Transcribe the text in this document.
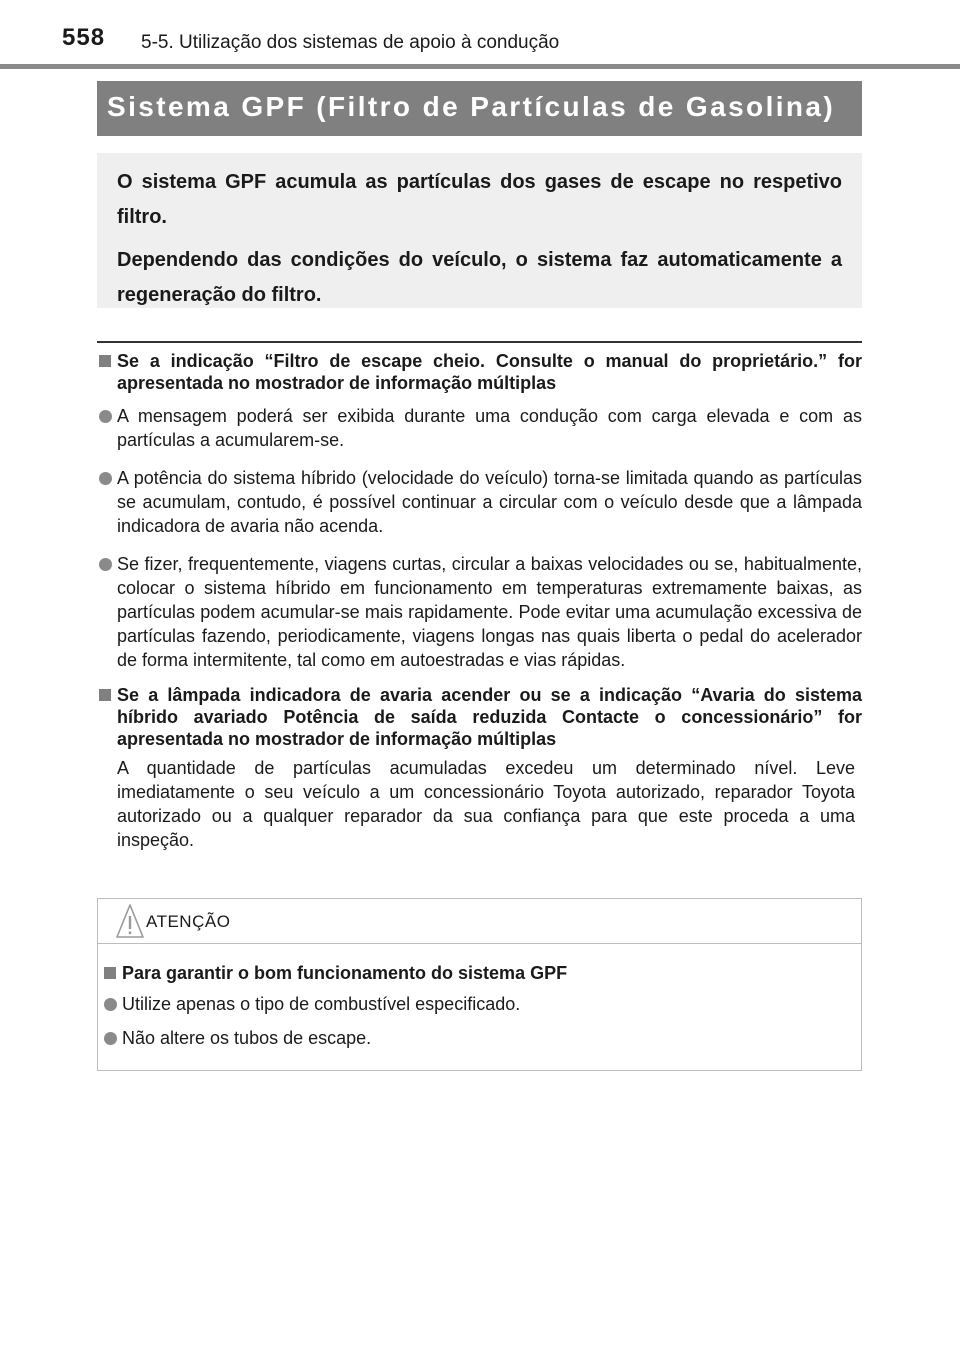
558 5-5. Utilização dos sistemas de apoio à condução
Sistema GPF (Filtro de Partículas de Gasolina)

O sistema GPF acumula as partículas dos gases de escape no respetivo filtro.

Dependendo das condições do veículo, o sistema faz automaticamente a regeneração do filtro.

Se a indicação “Filtro de escape cheio. Consulte o manual do proprietário.” for apresentada no mostrador de informação múltiplas

A mensagem poderá ser exibida durante uma condução com carga elevada e com as partículas a acumularem-se.

A potência do sistema híbrido (velocidade do veículo) torna-se limitada quando as partículas se acumulam, contudo, é possível continuar a circular com o veículo desde que a lâmpada indicadora de avaria não acenda.

Se fizer, frequentemente, viagens curtas, circular a baixas velocidades ou se, habitualmente, colocar o sistema híbrido em funcionamento em temperaturas extremamente baixas, as partículas podem acumular-se mais rapidamente. Pode evitar uma acumulação excessiva de partículas fazendo, periodicamente, viagens longas nas quais liberta o pedal do acelerador de forma intermitente, tal como em autoestradas e vias rápidas.

Se a lâmpada indicadora de avaria acender ou se a indicação “Avaria do sistema híbrido avariado Potência de saída reduzida Contacte o concessionário” for apresentada no mostrador de informação múltiplas

A quantidade de partículas acumuladas excedeu um determinado nível. Leve imediatamente o seu veículo a um concessionário Toyota autorizado, reparador Toyota autorizado ou a qualquer reparador da sua confiança para que este proceda a uma inspeção.

ATENÇÃO

Para garantir o bom funcionamento do sistema GPF

Utilize apenas o tipo de combustível especificado.

Não altere os tubos de escape.
